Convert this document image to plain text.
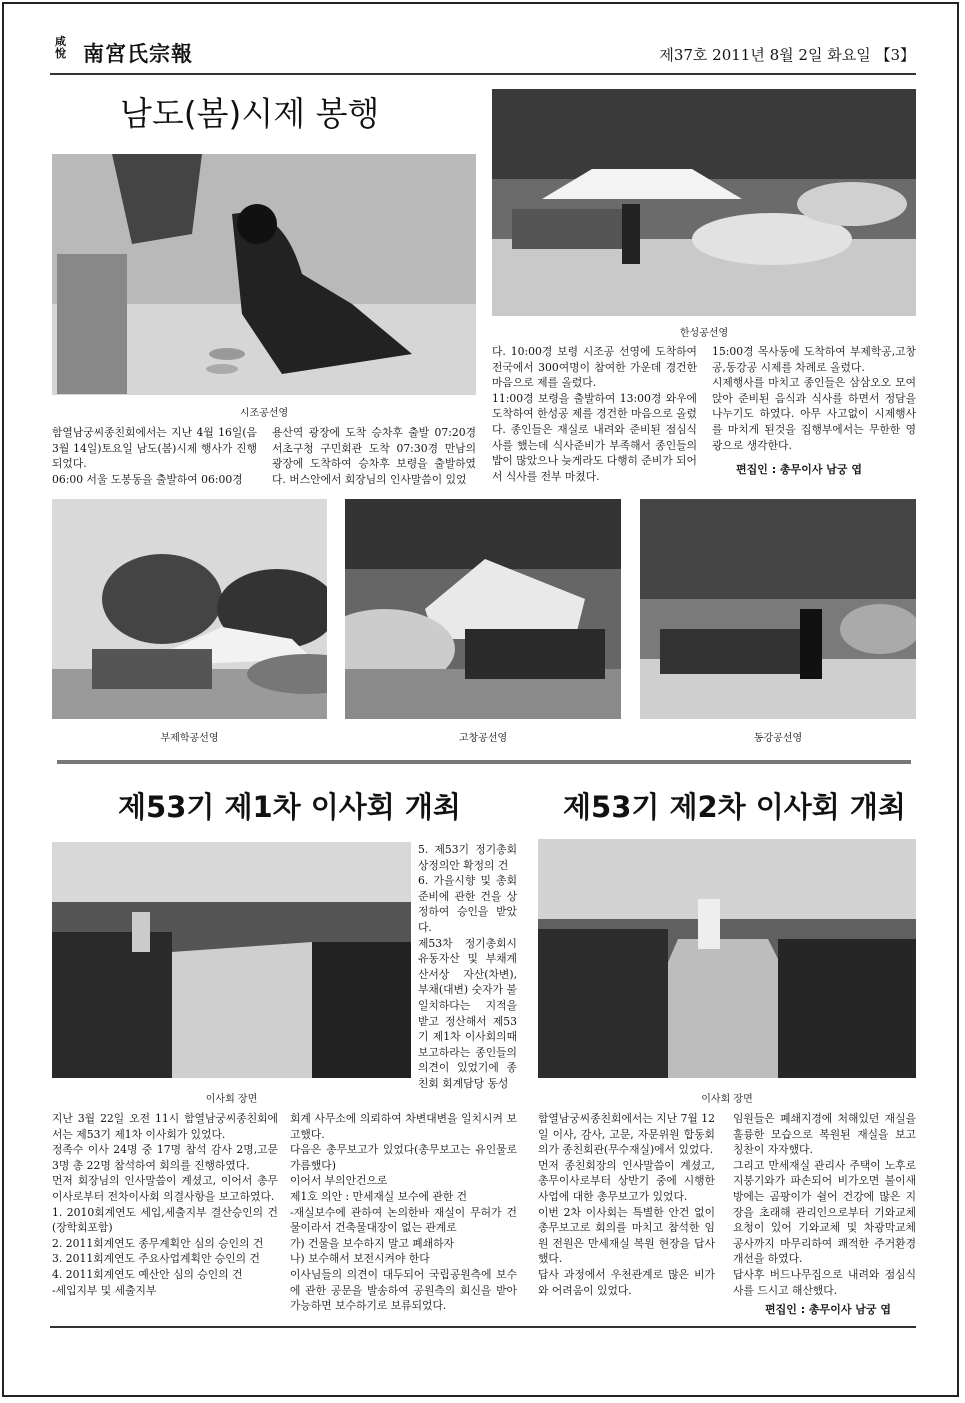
咸悅 南宮氏宗報	제37호 2011년 8월 2일 화요일 【3】
남도(봄)시제 봉행
시조공선영
한성공선영

함열남궁씨종친회에서는 지난 4월 16일(음 3월 14일)토요일 남도(봄)시제 행사가 진행되었다.
06:00 서울 도봉동을 출발하여 06:00경

용산역 광장에 도착 승차후 출발 07:20경 서초구청 구민회관 도착 07:30경 만남의 광장에 도착하여 승차후 보령을 출발하였다. 버스안에서 회장님의 인사말씀이 있었

다. 10:00경 보령 시조공 선영에 도착하여 전국에서 300여명이 참여한 가운데 경건한 마음으로 제를 올렸다.
11:00경 보령을 출발하여 13:00경 와우에 도착하여 한성공 제를 경건한 마음으로 올렸다. 종인들은 재실로 내려와 준비된 점심식사를 했는데 식사준비가 부족해서 종인들의 밥이 많았으나 늦게라도 다행히 준비가 되어서 식사를 전부 마쳤다.

15:00경 목사동에 도착하여 부제학공,고창공,동강공 시제를 차례로 올렸다.
시제행사를 마치고 종인들은 삼삼오오 모여 앉아 준비된 음식과 식사를 하면서 정담을 나누기도 하였다. 아무 사고없이 시제행사를 마치게 된것을 집행부에서는 무한한 영광으로 생각한다.

편집인 : 총무이사 남궁 엽
부제학공선영	고창공선영	동강공선영
제53기 제1차 이사회 개최
이사회 장면

5. 제53기 정기총회 상정의안 확정의 건
6. 가을시향 및 총회준비에 관한 건을 상정하여 승인을 받았다.
제53차 정기총회시 유동자산 및 부채계산서상 자산(차변), 부채(대변) 숫자가 불일치하다는 지적을 받고 정산해서 제53기 제1차 이사회의때 보고하라는 종인들의 의견이 있었기에 종친회 회계담당 동성

지난 3월 22일 오전 11시 함열남궁씨종친회에서는 제53기 제1차 이사회가 있었다.
정족수 이사 24명 중 17명 참석 감사 2명,고문 3명 총 22명 참석하여 회의를 진행하였다.
먼저 회장님의 인사말씀이 계셨고, 이어서 총무이사로부터 전차이사회 의결사항을 보고하였다.
1. 2010회계연도 세입,세출지부 결산승인의 건(장학회포함)
2. 2011회계연도 종무계획안 심의 승인의 건
3. 2011회계연도 주요사업계획안 승인의 건
4. 2011회계연도 예산안 심의 승인의 건
-세입지부 및 세출지부

회계 사무소에 의뢰하여 차변대변을 일치시켜 보고했다.
다음은 총무보고가 있었다(총무보고는 유인물로 가름했다)
이어서 부의안건으로
제1호 의안 : 만세재실 보수에 관한 건
-재실보수에 관하여 논의한바 재실이 무허가 건물이라서 건축물대장이 없는 관계로
가) 건물을 보수하지 말고 폐쇄하자
나) 보수해서 보전시켜야 한다
이사님들의 의견이 대두되어 국립공원측에 보수에 관한 공문을 발송하여 공원측의 회신을 받아 가능하면 보수하기로 보류되었다.

제53기 제2차 이사회 개최
이사회 장면

함열남궁씨종친회에서는 지난 7월 12일 이사, 감사, 고문, 자문위원 합동회의가 종친회관(무수재실)에서 있었다.
먼저 종친회장의 인사말씀이 계셨고,총무이사로부터 상반기 중에 시행한 사업에 대한 총무보고가 있었다.
이번 2차 이사회는 특별한 안건 없이 총무보고로 회의를 마치고 참석한 임원 전원은 만세재실 복원 현장을 답사했다.
답사 과정에서 우천관계로 많은 비가와 어려움이 있었다.

임원들은 폐쇄지경에 처해있던 재실을 훌륭한 모습으로 복원된 재실을 보고 칭찬이 자자했다.
그리고 만세재실 관리사 주택이 노후로 지붕기와가 파손되어 비가오면 불이새 방에는 곰팡이가 쉴어 건강에 많은 지장을 초래해 관리인으로부터 기와교체 요청이 있어 기와교체 및 차광막교체 공사까지 마무리하여 쾌적한 주거환경개선을 하였다.
답사후 버드나무집으로 내려와 점심식사를 드시고 해산했다.

편집인 : 총무이사 남궁 엽
